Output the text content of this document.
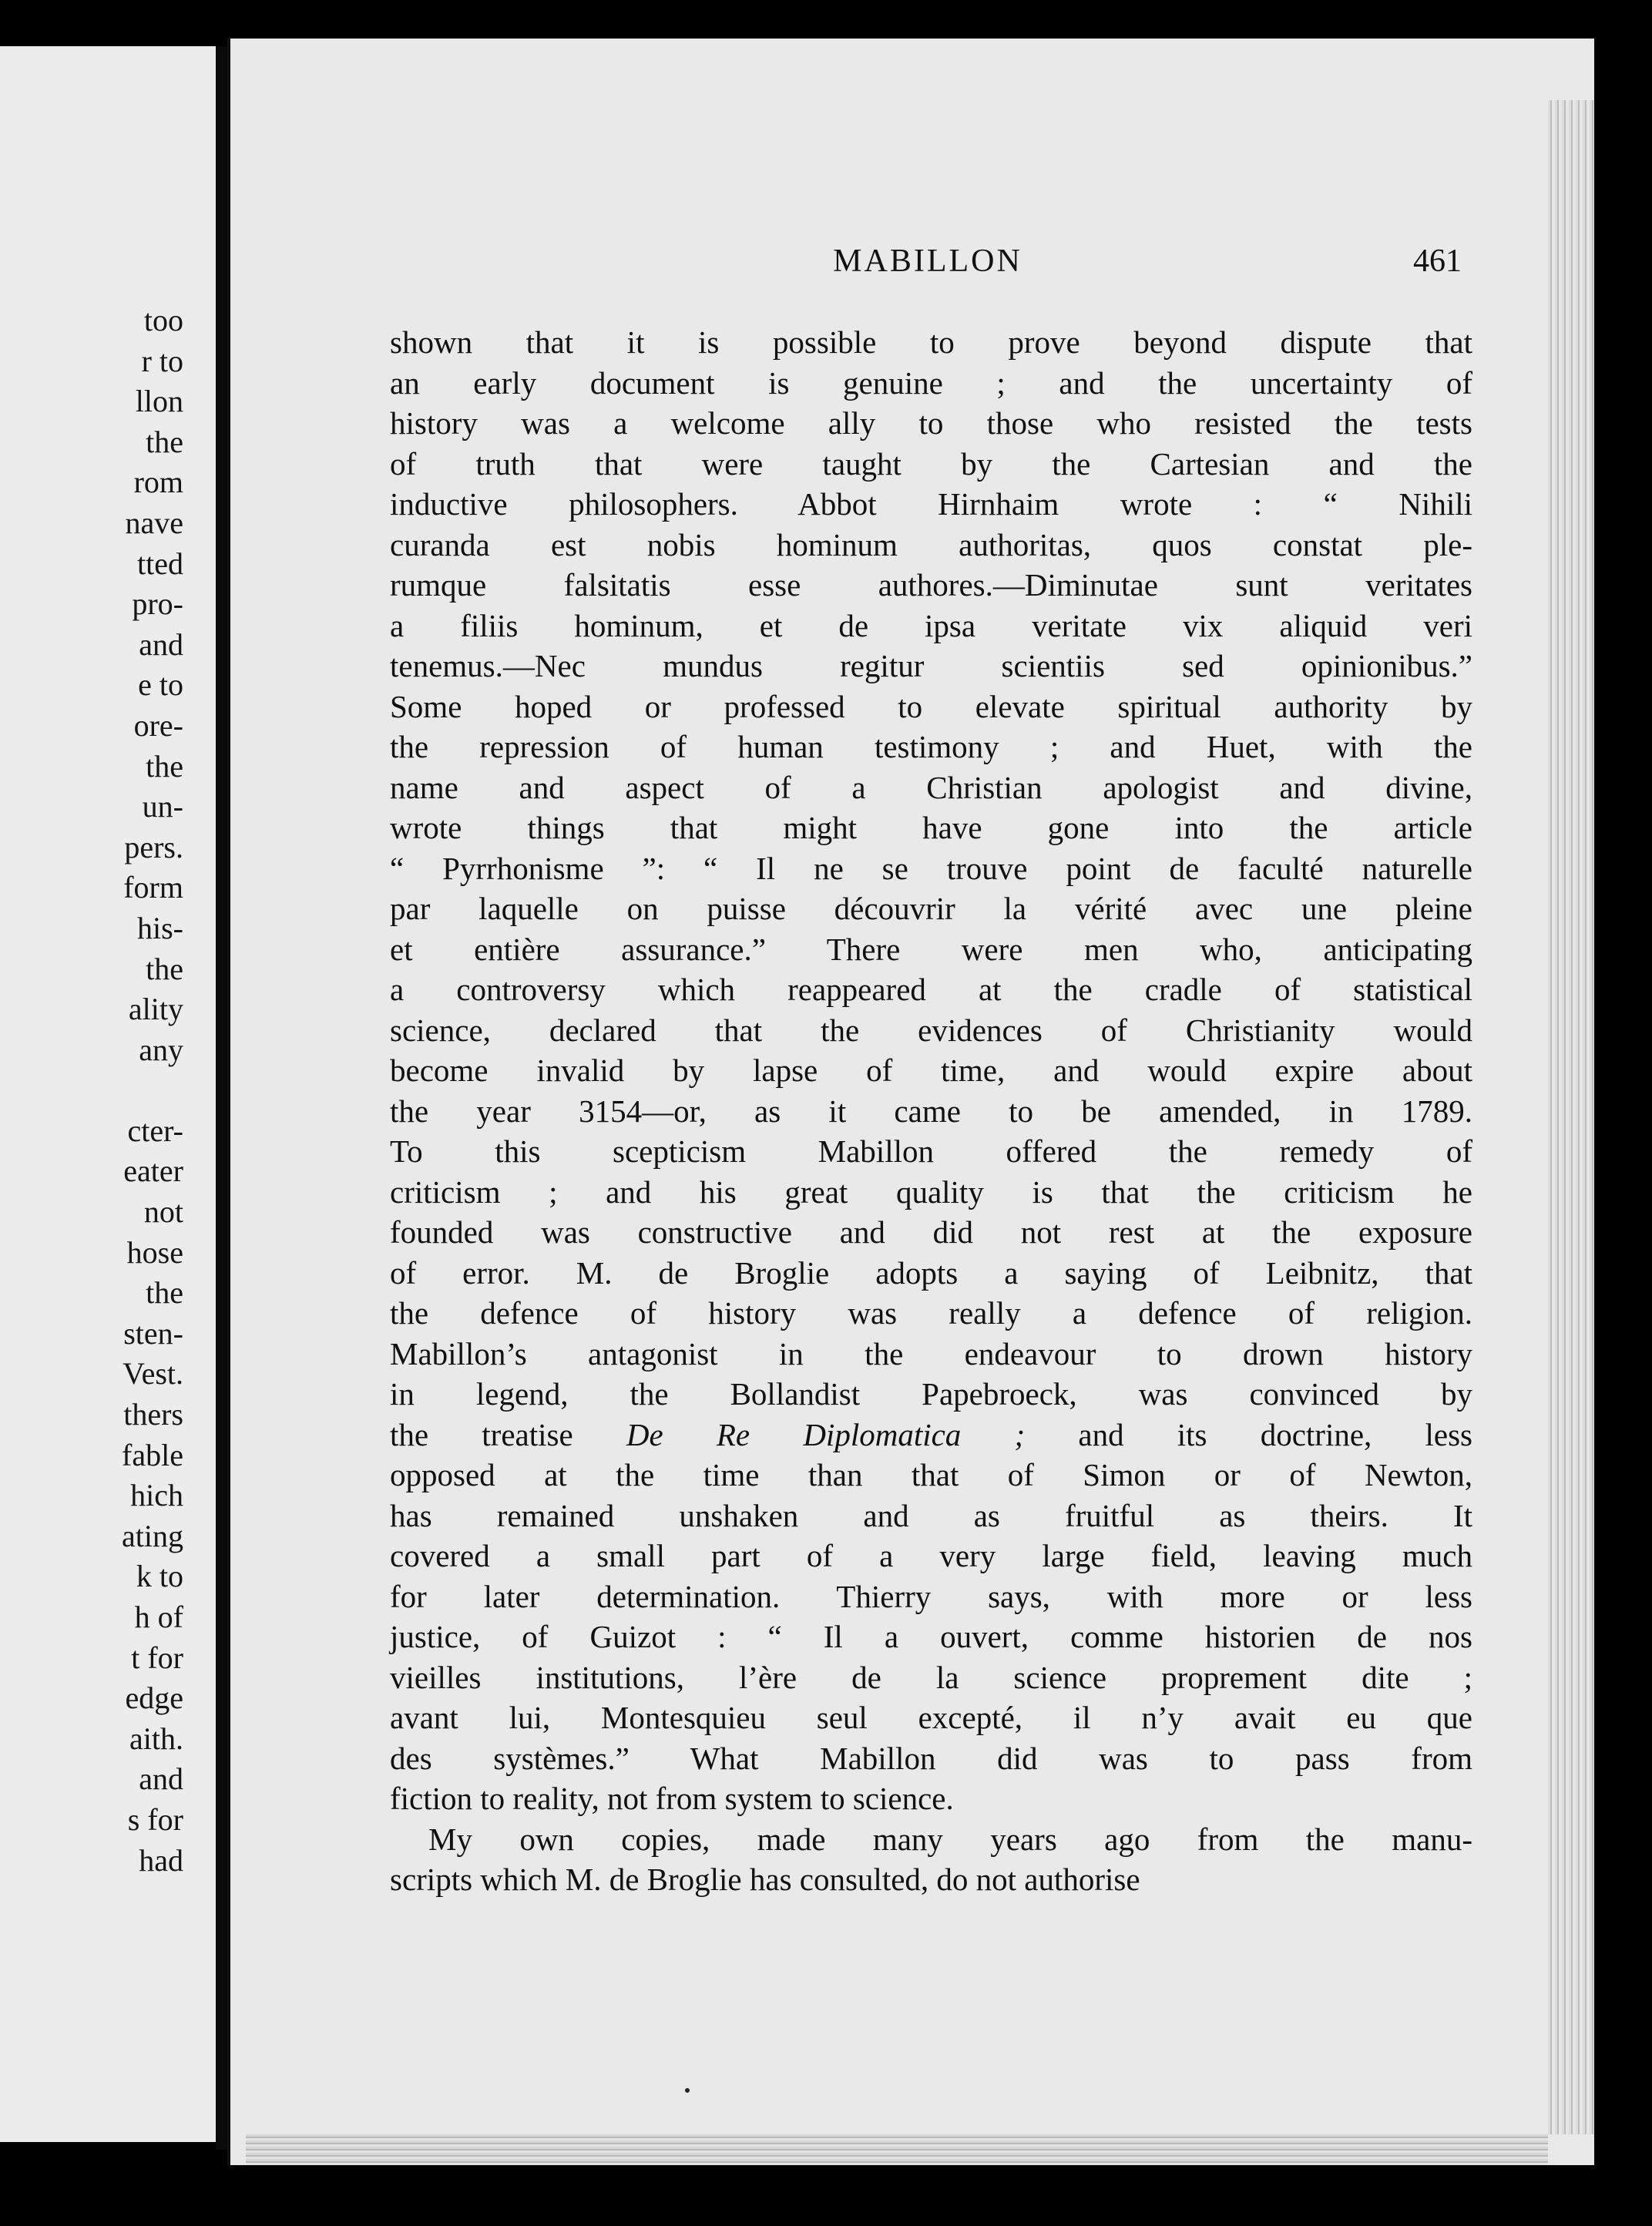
too
r to
llon
the
rom
nave
tted
pro-
and
e to
ore-
the
un-
pers.
form
his-
the
ality
any
cter-
eater
not
hose
the
sten-
Vest.
thers
fable
hich
ating
k to
h of
t for
edge
aith.
and
s for
had
MABILLON	461
shown that it is possible to prove beyond dispute that
an early document is genuine ; and the uncertainty of
history was a welcome ally to those who resisted the tests
of truth that were taught by the Cartesian and the
inductive philosophers. Abbot Hirnhaim wrote : “ Nihili
curanda est nobis hominum authoritas, quos constat ple-
rumque falsitatis esse authores.—Diminutae sunt veritates
a filiis hominum, et de ipsa veritate vix aliquid veri
tenemus.—Nec mundus regitur scientiis sed opinionibus.”
Some hoped or professed to elevate spiritual authority by
the repression of human testimony ; and Huet, with the
name and aspect of a Christian apologist and divine,
wrote things that might have gone into the article
“ Pyrrhonisme ”: “ Il ne se trouve point de faculté naturelle
par laquelle on puisse découvrir la vérité avec une pleine
et entière assurance.” There were men who, anticipating
a controversy which reappeared at the cradle of statistical
science, declared that the evidences of Christianity would
become invalid by lapse of time, and would expire about
the year 3154—or, as it came to be amended, in 1789.
To this scepticism Mabillon offered the remedy of
criticism ; and his great quality is that the criticism he
founded was constructive and did not rest at the exposure
of error. M. de Broglie adopts a saying of Leibnitz, that
the defence of history was really a defence of religion.
Mabillon’s antagonist in the endeavour to drown history
in legend, the Bollandist Papebroeck, was convinced by
the treatise De Re Diplomatica ; and its doctrine, less
opposed at the time than that of Simon or of Newton,
has remained unshaken and as fruitful as theirs. It
covered a small part of a very large field, leaving much
for later determination. Thierry says, with more or less
justice, of Guizot : “ Il a ouvert, comme historien de nos
vieilles institutions, l’ère de la science proprement dite ;
avant lui, Montesquieu seul excepté, il n’y avait eu que
des systèmes.” What Mabillon did was to pass from
fiction to reality, not from system to science.
My own copies, made many years ago from the manu-
scripts which M. de Broglie has consulted, do not authorise
